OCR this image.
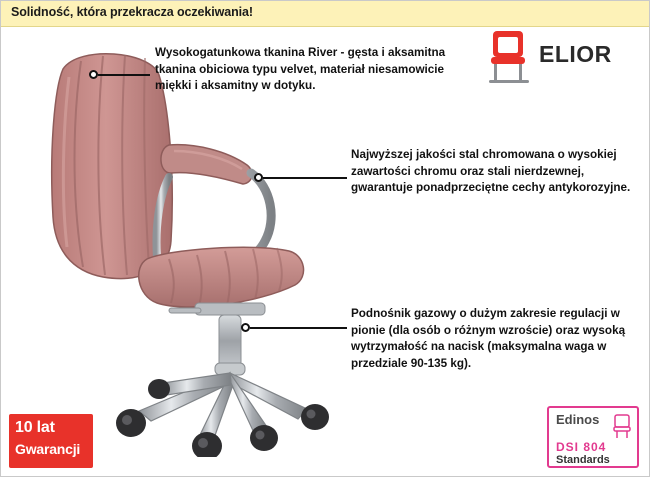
Solidność, która przekracza oczekiwania!
ELIOR
Wysokogatunkowa tkanina River - gęsta i aksamitna tkanina obiciowa typu velvet, materiał niesamowicie miękki i aksamitny w dotyku.
Najwyższej jakości stal chromowana o wysokiej zawartości chromu oraz stali nierdzewnej, gwarantuje ponadprzeciętne cechy antykorozyjne.
Podnośnik gazowy o dużym zakresie regulacji w pionie (dla osób o różnym wzroście) oraz wysoką wytrzymałość na nacisk (maksymalna waga w przedziale 90-135 kg).
10 lat
Gwarancji
Edinos
DSI 804
Standards
